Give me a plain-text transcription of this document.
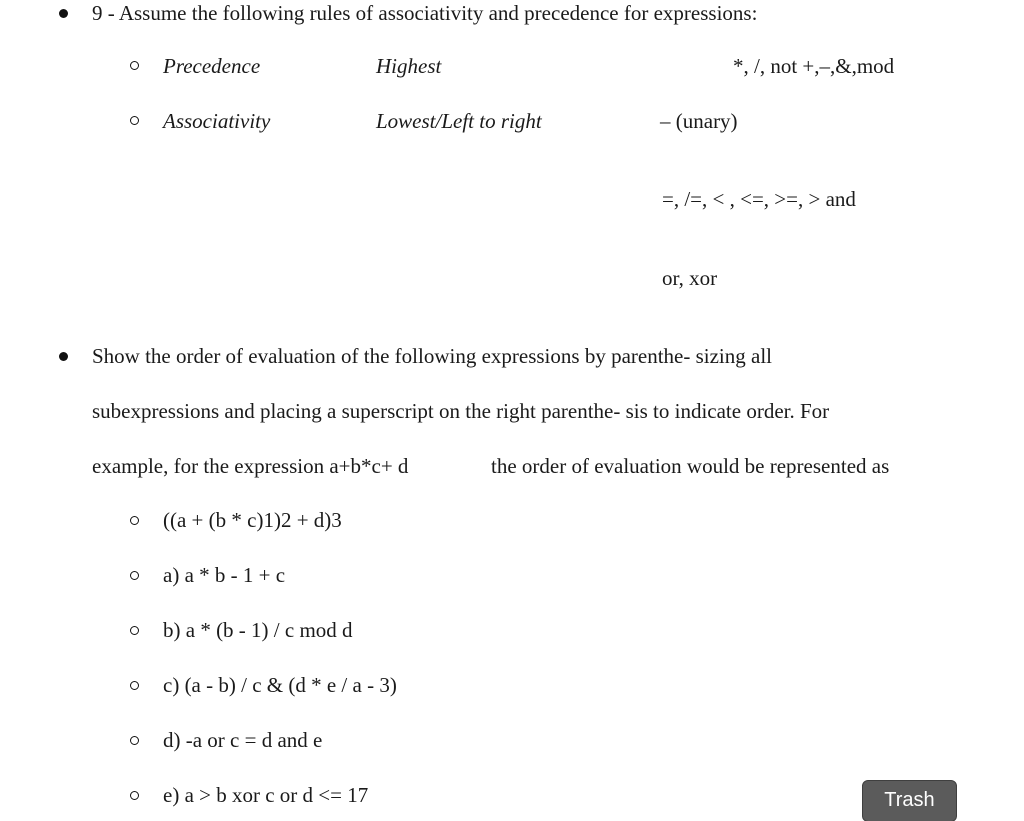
9 - Assume the following rules of associativity and precedence for expressions:
Precedence	Highest	*, /, not +,–,&,mod
Associativity	Lowest/Left to right	– (unary)
=, /=, < , <=, >=, > and
or, xor
Show the order of evaluation of the following expressions by parenthe- sizing all
subexpressions and placing a superscript on the right parenthe- sis to indicate order. For
example, for the expression a+b*c+ d	the order of evaluation would be represented as
((a + (b * c)1)2 + d)3
a) a * b - 1 + c
b) a * (b - 1) / c mod d
c) (a - b) / c & (d * e / a - 3)
d) -a or c = d and e
e) a > b xor c or d <= 17	Trash
